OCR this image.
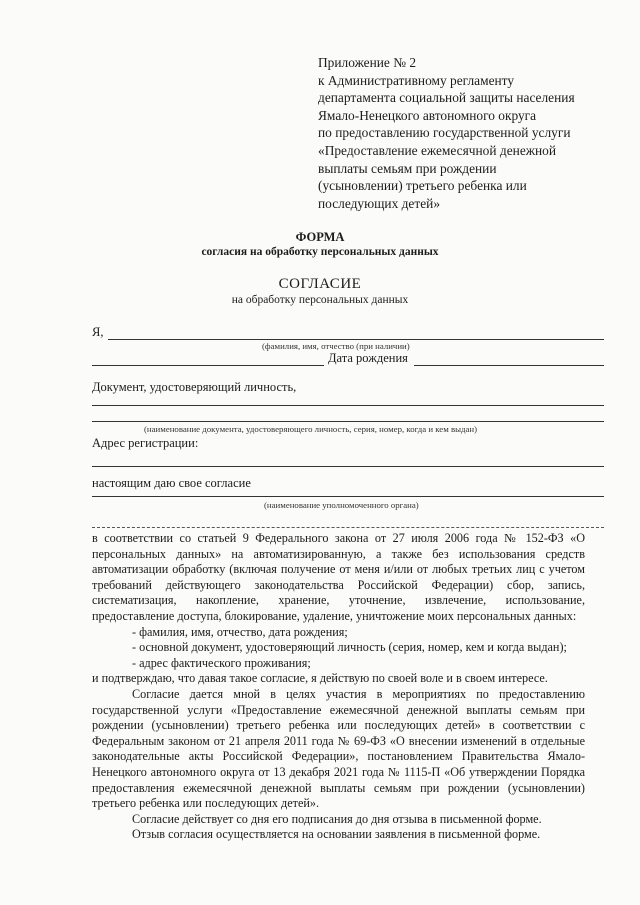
Приложение № 2
к Административному регламенту
департамента социальной защиты населения
Ямало-Ненецкого автономного округа
по предоставлению государственной услуги
«Предоставление ежемесячной денежной
выплаты семьям при рождении
(усыновлении) третьего ребенка или
последующих детей»
ФОРМА
согласия на обработку персональных данных
СОГЛАСИЕ
на обработку персональных данных
Я,
(фамилия, имя, отчество (при наличии)
Дата рождения
Документ, удостоверяющий личность,
(наименование документа, удостоверяющего личность, серия, номер, когда и кем выдан)
Адрес регистрации:
настоящим даю свое согласие
(наименование уполномоченного органа)

в соответствии со статьей 9 Федерального закона от 27 июля 2006 года № 152-ФЗ «О

персональных данных» на автоматизированную, а также без использования средств

автоматизации обработку (включая получение от меня и/или от любых третьих лиц с учетом

требований действующего законодательства Российской Федерации) сбор, запись,

систематизация, накопление, хранение, уточнение, извлечение, использование,

предоставление доступа, блокирование, удаление, уничтожение моих персональных данных:

- фамилия, имя, отчество, дата рождения;

- основной документ, удостоверяющий личность (серия, номер, кем и когда выдан);

- адрес фактического проживания;

и подтверждаю, что давая такое согласие, я действую по своей воле и в своем интересе.

Согласие дается мной в целях участия в мероприятиях по предоставлению

государственной услуги «Предоставление ежемесячной денежной выплаты семьям при

рождении (усыновлении) третьего ребенка или последующих детей» в соответствии с

Федеральным законом от 21 апреля 2011 года № 69-ФЗ «О внесении изменений в отдельные

законодательные акты Российской Федерации», постановлением Правительства Ямало-

Ненецкого автономного округа от 13 декабря 2021 года № 1115-П «Об утверждении Порядка

предоставления ежемесячной денежной выплаты семьям при рождении (усыновлении)

третьего ребенка или последующих детей».

Согласие действует со дня его подписания до дня отзыва в письменной форме.

Отзыв согласия осуществляется на основании заявления в письменной форме.
